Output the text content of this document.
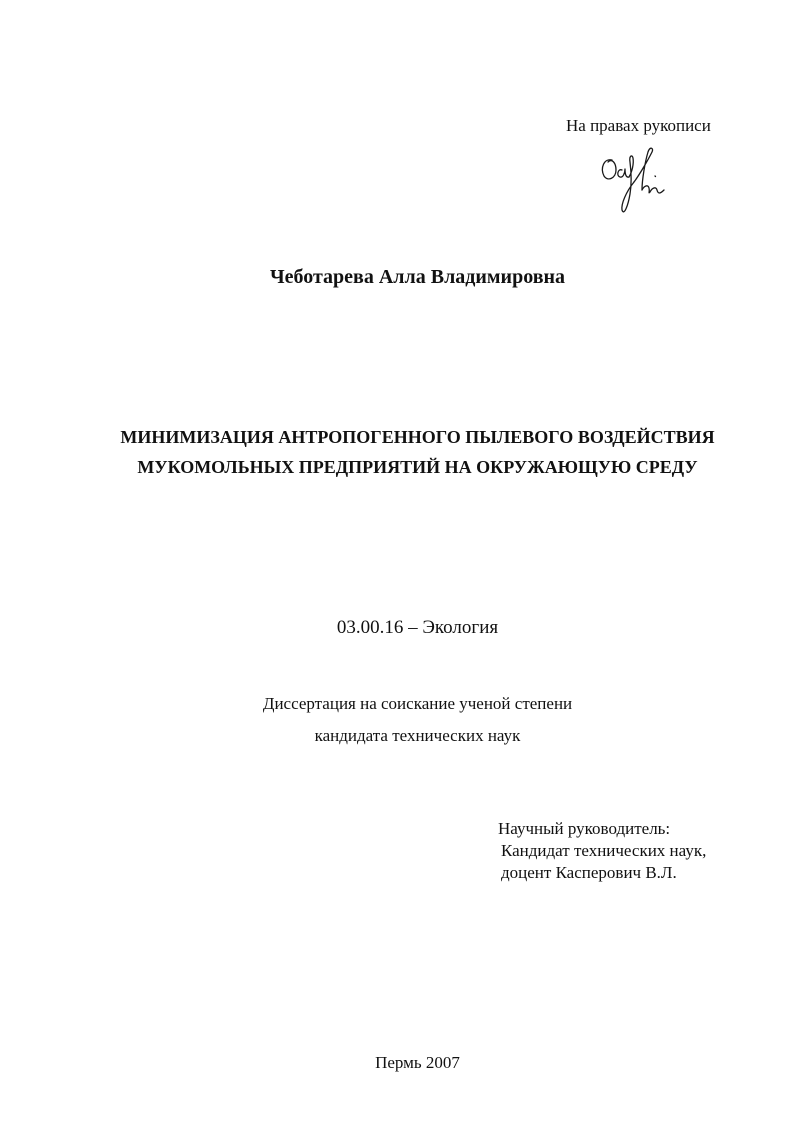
На правах рукописи
Чеботарева Алла Владимировна
МИНИМИЗАЦИЯ АНТРОПОГЕННОГО ПЫЛЕВОГО ВОЗДЕЙСТВИЯ
МУКОМОЛЬНЫХ ПРЕДПРИЯТИЙ НА ОКРУЖАЮЩУЮ СРЕДУ
03.00.16 – Экология
Диссертация на соискание ученой степени
кандидата технических наук
Научный руководитель:
Кандидат технических наук,
доцент Касперович В.Л.
Пермь 2007
